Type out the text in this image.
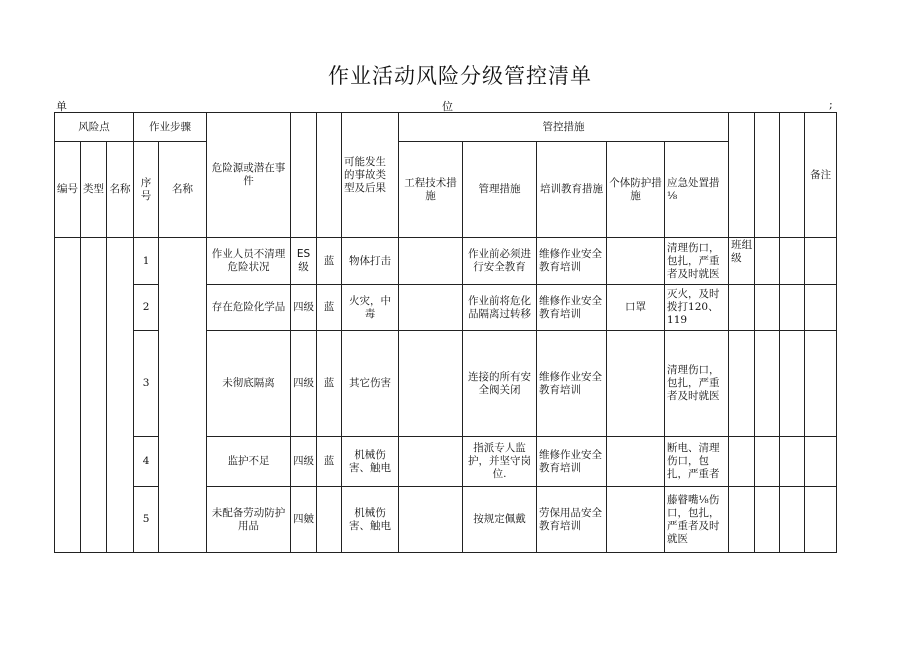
作业活动风险分级管控清单
单	位	;
风险点			作业步骤		危险源或潜在事件			可能发生的事故类型及后果	管控措施								备注
编号	类型	名称	序号	名称					工程技术措施	管理措施	培训教育措施	个体防护措施	应急处置措⅛				
			1		作业人员不清理危险状况	ES级	蓝	物体打击		作业前必须进行安全教育	维修作业安全教育培训		清理伤口，包扎，严重者及时就医	班组级			
			2		存在危险化学品	四级	蓝	火灾，中毒		作业前将危化品隔离过转移	维修作业安全教育培训	口罩	灭火，及时拨打120、119				
			3		未彻底隔离	四级	蓝	其它伤害		连接的所有安全阀关闭	维修作业安全教育培训		清理伤口，包扎，严重者及时就医				
			4		监护不足	四级	蓝	机械伤害、触电		指派专人监护，并坚守岗位.	维修作业安全教育培训		断电、清理伤口，包扎，严重者				
			5		未配备劳动防护用品	四皴		机械伤害、触电		按规定佩戴	劳保用品安全教育培训		藤瞽嘴⅛伤口，包扎，严重者及时就医				
